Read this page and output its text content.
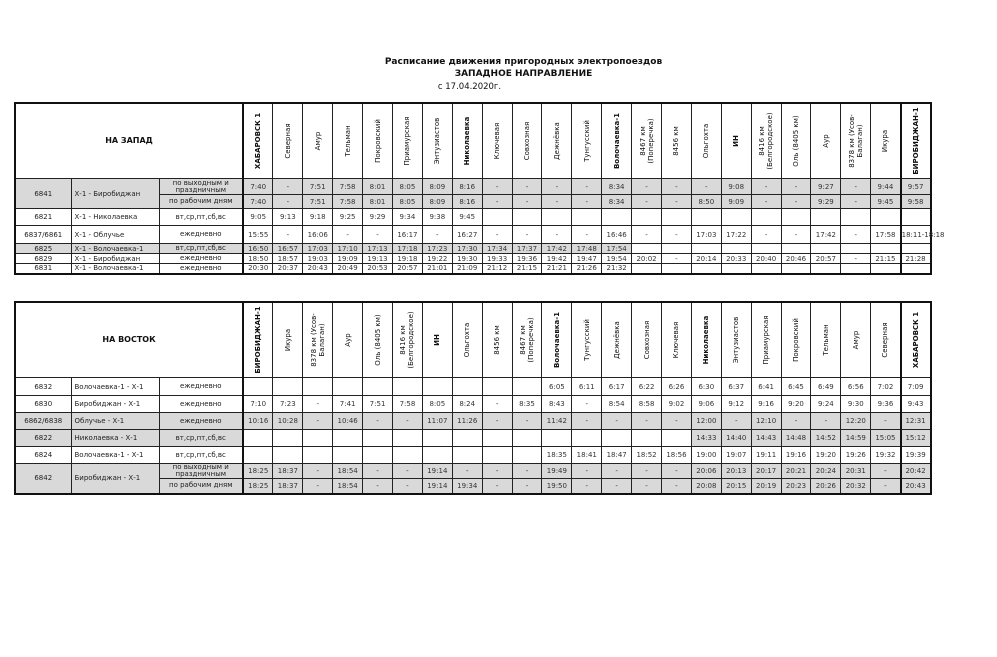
Расписание движения пригородных электропоездов
ЗАПАДНОЕ НАПРАВЛЕНИЕ
с 17.04.2020г.
НА ЗАПАД			ХАБАРОВСК 1	Северная	Амур	Тельман	Покровский	Приамурская	Энтузиастов	Николаевка	Ключевая	Совхозная	Дежнёвка	Тунгусский	Волочаевка-1	8467 км (Поперечка)	8456 км	Ольгохта	ИН	8416 км (Белгородское)	Оль (8405 км)	Аур	8378 км (Усов-Балаган)	Икура	БИРОБИДЖАН-1

6841	Х-1 - Биробиджан	по выходным и праздничным	7:40	-	7:51	7:58	8:01	8:05	8:09	8:16	-	-	-	-	8:34	-	-	-	9:08	-	-	9:27	-	9:44	9:57
		по рабочим дням	7:40	-	7:51	7:58	8:01	8:05	8:09	8:16	-	-	-	-	8:34	-	-	8:50	9:09	-	-	9:29	-	9:45	9:58
6821	Х-1 - Николаевка	вт,ср,пт,сб,вс	9:05	9:13	9:18	9:25	9:29	9:34	9:38	9:45															
6837/6861	Х-1 - Облучье	ежедневно	15:55	-	16:06	-	-	16:17	-	16:27	-	-	-	-	16:46	-	-	17:03	17:22	-	-	17:42	-	17:58	18:11-18:18
6825	Х-1 - Волочаевка-1	вт,ср,пт,сб,вс	16:50	16:57	17:03	17:10	17:13	17:18	17:23	17:30	17:34	17:37	17:42	17:48	17:54										
6829	Х-1 - Биробиджан	ежедневно	18:50	18:57	19:03	19:09	19:13	19:18	19:22	19:30	19:33	19:36	19:42	19:47	19:54	20:02	-	20:14	20:33	20:40	20:46	20:57	-	21:15	21:28
6831	Х-1 - Волочаевка-1	ежедневно	20:30	20:37	20:43	20:49	20:53	20:57	21:01	21:09	21:12	21:15	21:21	21:26	21:32										
НА ВОСТОК			БИРОБИДЖАН-1	Икура	8378 км (Усов-Балаган)	Аур	Оль (8405 км)	8416 км (Белгородское)	ИН	Ольгохта	8456 км	8467 км (Поперечка)	Волочаевка-1	Тунгусский	Дежнёвка	Совхозная	Ключевая	Николаевка	Энтузиастов	Приамурская	Покровский	Тельман	Амур	Северная	ХАБАРОВСК 1

6832	Волочаевка-1 - Х-1	ежедневно											6:05	6:11	6:17	6:22	6:26	6:30	6:37	6:41	6:45	6:49	6:56	7:02	7:09
6830	Биробиджан - Х-1	ежедневно	7:10	7:23	-	7:41	7:51	7:58	8:05	8:24	-	8:35	8:43	-	8:54	8:58	9:02	9:06	9:12	9:16	9:20	9:24	9:30	9:36	9:43
6862/6838	Облучье - Х-1	ежедневно	10:16	10:28	-	10:46	-	-	11:07	11:26	-	-	11:42	-	-	-	-	12:00	-	12:10	-	-	12:20	-	12:31
6822	Николаевка - Х-1	вт,ср,пт,сб,вс																14:33	14:40	14:43	14:48	14:52	14:59	15:05	15:12
6824	Волочаевка-1 - Х-1	вт,ср,пт,сб,вс											18:35	18:41	18:47	18:52	18:56	19:00	19:07	19:11	19:16	19:20	19:26	19:32	19:39
6842	Биробиджан - Х-1	по выходным и праздничным	18:25	18:37	-	18:54	-	-	19:14	-	-	-	19:49	-	-	-	-	20:06	20:13	20:17	20:21	20:24	20:31	-	20:42
		по рабочим дням	18:25	18:37	-	18:54	-	-	19:14	19:34	-	-	19:50	-	-	-	-	20:08	20:15	20:19	20:23	20:26	20:32	-	20:43
